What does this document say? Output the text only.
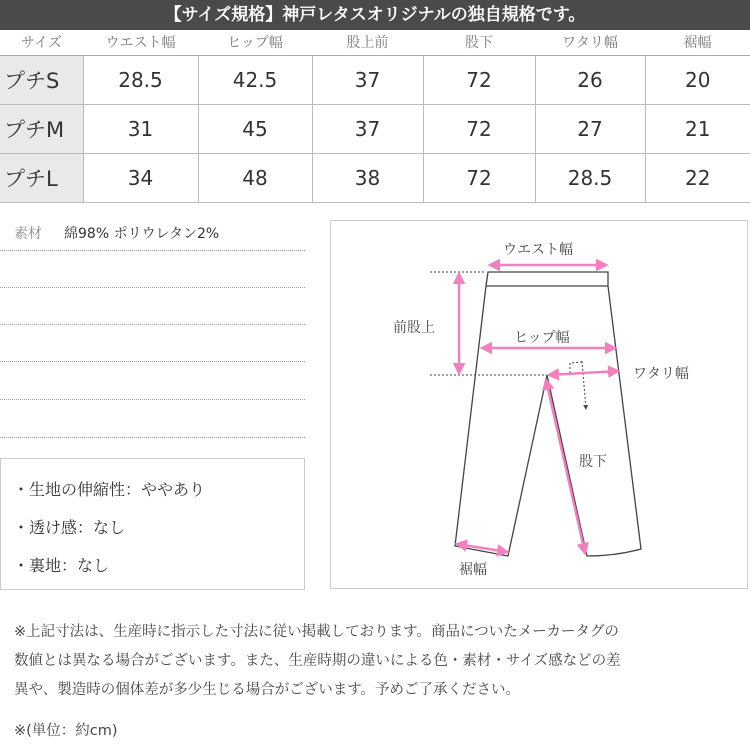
【サイズ規格】神戸レタスオリジナルの独自規格です。
サイズ	ウエスト幅	ヒップ幅	股上前	股下	ワタリ幅	裾幅
プチS	28.5	42.5	37	72	26	20
プチM	31	45	37	72	27	21
プチL	34	48	38	72	28.5	22
素材 綿98% ポリウレタン2%
・生地の伸縮性：ややあり
・透け感：なし
・裏地：なし
ウエスト幅
前股上
ヒップ幅
ワタリ幅
股下
裾幅
※上記寸法は、生産時に指示した寸法に従い掲載しております。商品についたメーカータグの
数値とは異なる場合がございます。また、生産時期の違いによる色・素材・サイズ感などの差
異や、製造時の個体差が多少生じる場合がございます。予めご了承ください。
※(単位：約cm)
